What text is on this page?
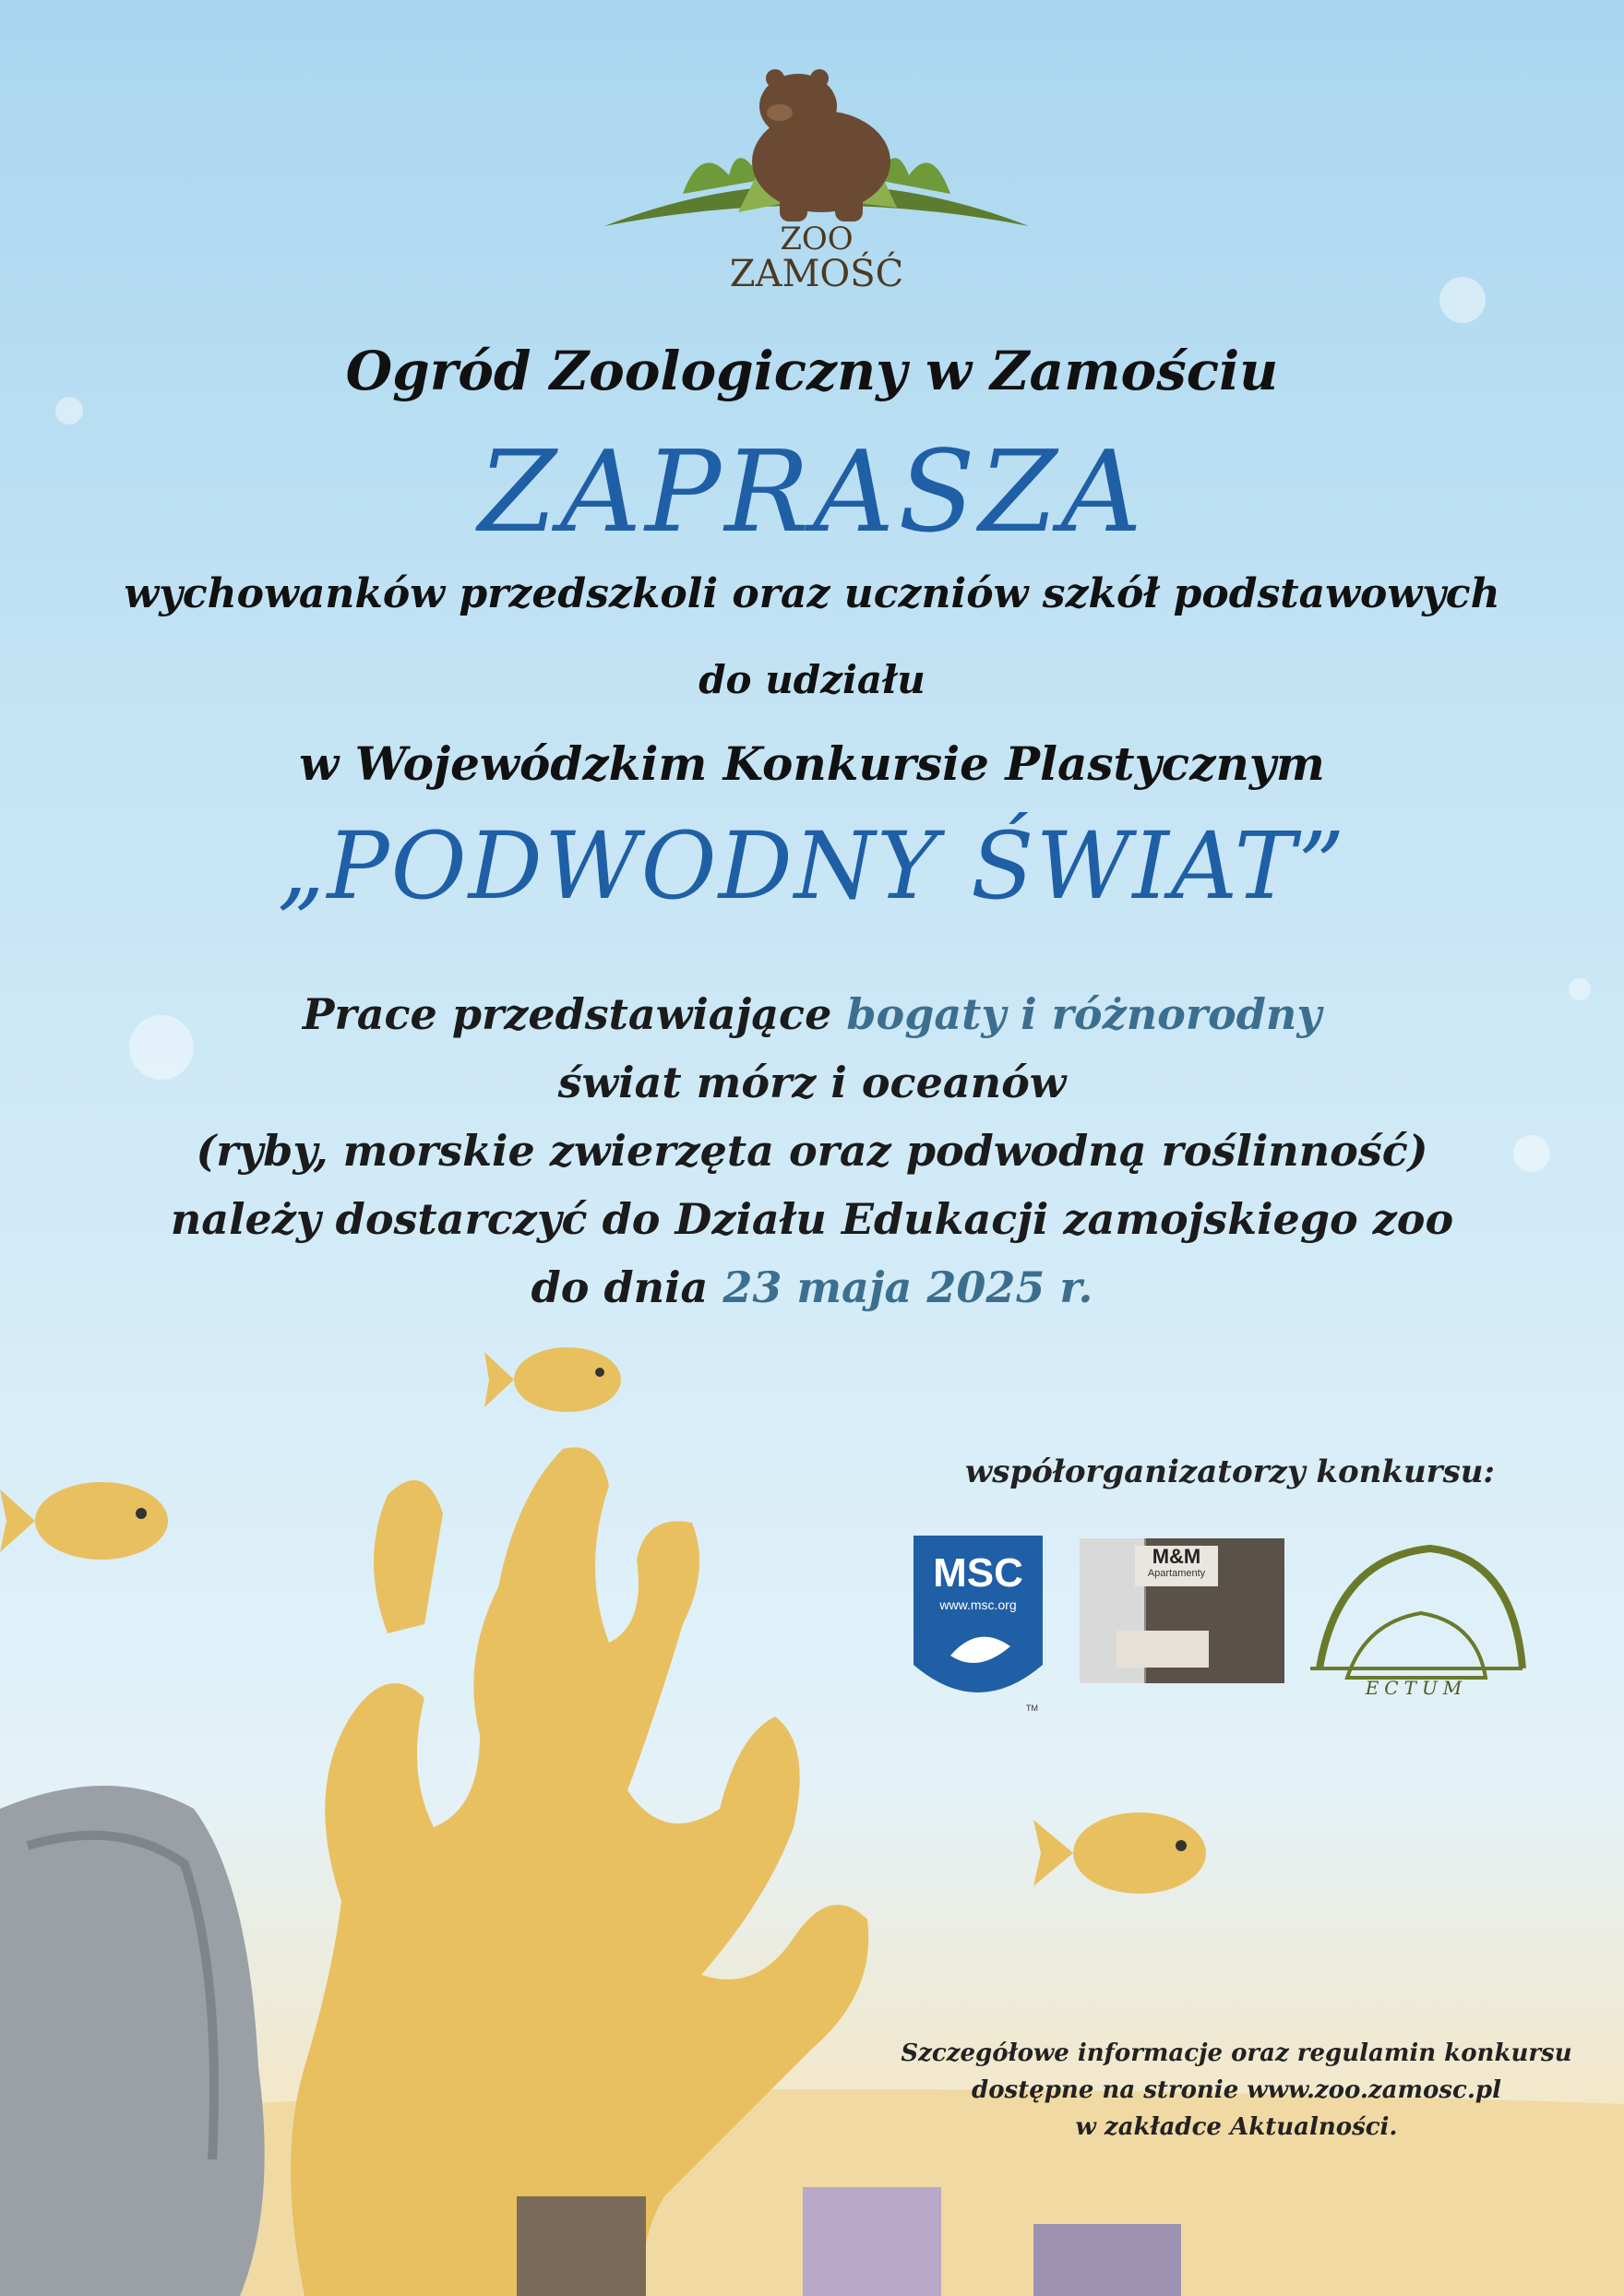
ZOO
ZAMOŚĆ
Ogród Zoologiczny w Zamościu
ZAPRASZA
wychowanków przedszkoli oraz uczniów szkół podstawowych
do udziału
w Wojewódzkim Konkursie Plastycznym
„PODWODNY ŚWIAT”
Prace przedstawiające bogaty i różnorodny
świat mórz i oceanów
(ryby, morskie zwierzęta oraz podwodną roślinność)
należy dostarczyć do Działu Edukacji zamojskiego zoo
do dnia 23 maja 2025 r.
współorganizatorzy konkursu:
MSC
www.msc.org
TM
M&M
Apartamenty
ECTUM
Szczegółowe informacje oraz regulamin konkursu
dostępne na stronie www.zoo.zamosc.pl
w zakładce Aktualności.
